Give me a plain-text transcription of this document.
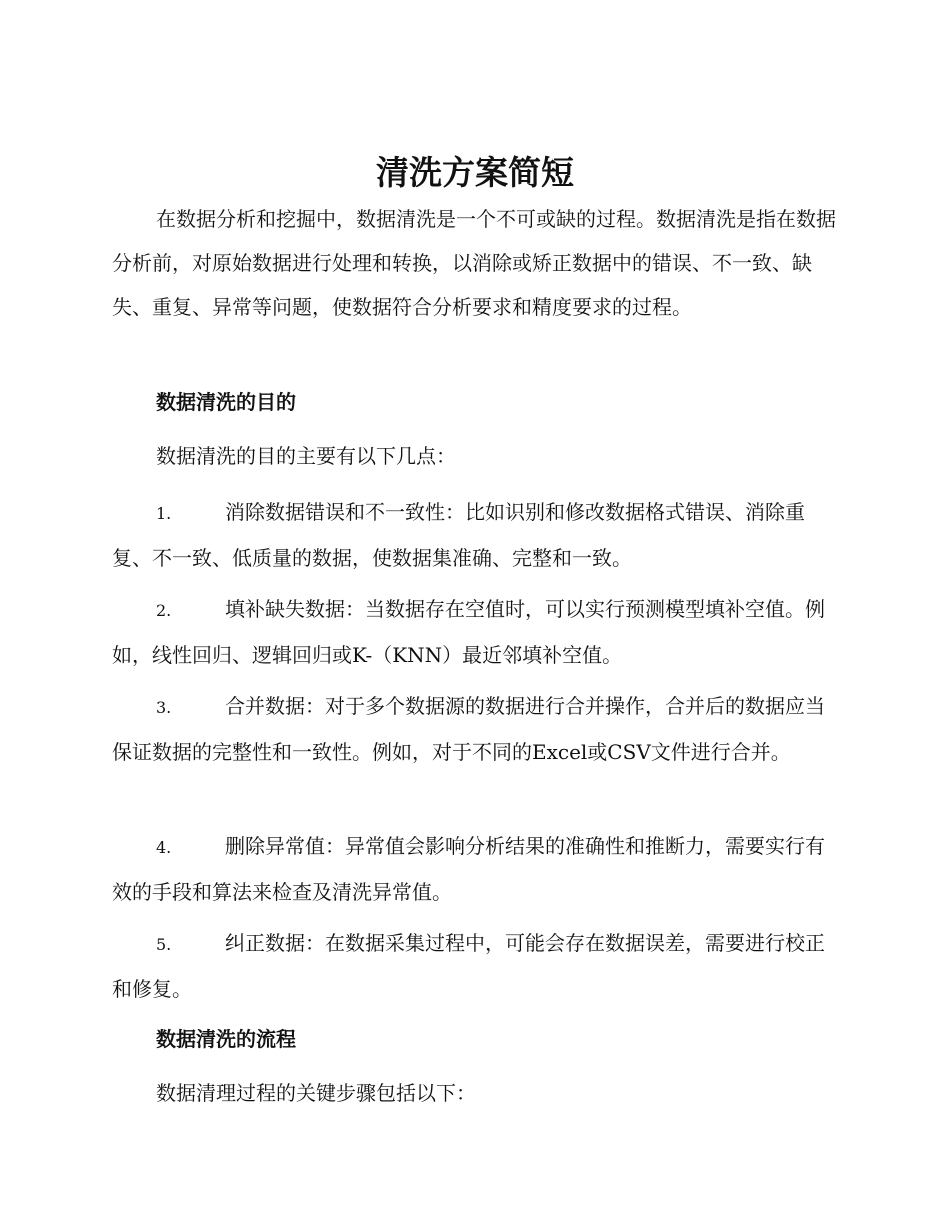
清洗方案简短
在数据分析和挖掘中，数据清洗是一个不可或缺的过程。数据清洗是指在数据分析前，对原始数据进行处理和转换，以消除或矫正数据中的错误、不一致、缺失、重复、异常等问题，使数据符合分析要求和精度要求的过程。
数据清洗的目的
数据清洗的目的主要有以下几点：
1.	消除数据错误和不一致性：比如识别和修改数据格式错误、消除重复、不一致、低质量的数据，使数据集准确、完整和一致。
2.	填补缺失数据：当数据存在空值时，可以实行预测模型填补空值。例如，线性回归、逻辑回归或K-（KNN）最近邻填补空值。
3.	合并数据：对于多个数据源的数据进行合并操作，合并后的数据应当保证数据的完整性和一致性。例如，对于不同的Excel或CSV文件进行合并。
4.	删除异常值：异常值会影响分析结果的准确性和推断力，需要实行有效的手段和算法来检查及清洗异常值。
5.	纠正数据：在数据采集过程中，可能会存在数据误差，需要进行校正和修复。
数据清洗的流程
数据清理过程的关键步骤包括以下：
